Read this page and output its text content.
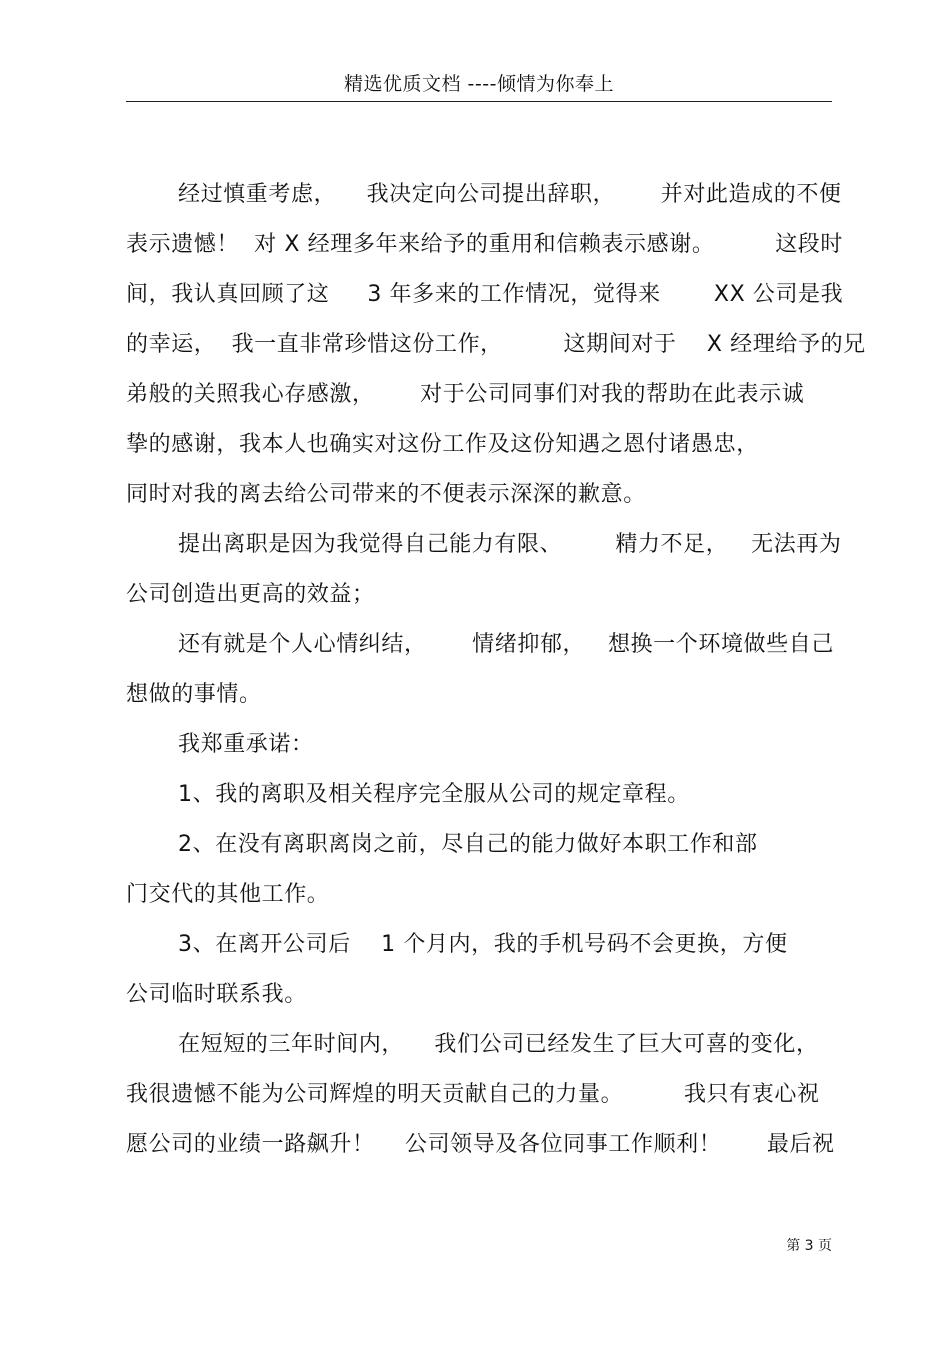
精选优质文档 ----倾情为你奉上
经过慎重考虑，    我决定向公司提出辞职，      并对此造成的不便
表示遗憾！  对 X 经理多年来给予的重用和信赖表示感谢。        这段时
间，我认真回顾了这     3 年多来的工作情况，觉得来       XX 公司是我
的幸运，  我一直非常珍惜这份工作，        这期间对于    X 经理给予的兄
弟般的关照我心存感激，      对于公司同事们对我的帮助在此表示诚
挚的感谢，我本人也确实对这份工作及这份知遇之恩付诸愚忠，
同时对我的离去给公司带来的不便表示深深的歉意。
提出离职是因为我觉得自己能力有限、       精力不足，   无法再为
公司创造出更高的效益；
还有就是个人心情纠结，      情绪抑郁，   想换一个环境做些自己
想做的事情。
我郑重承诺：
1、我的离职及相关程序完全服从公司的规定章程。
2、在没有离职离岗之前，尽自己的能力做好本职工作和部
门交代的其他工作。
3、在离开公司后    1 个月内，我的手机号码不会更换，方便
公司临时联系我。
在短短的三年时间内，    我们公司已经发生了巨大可喜的变化，
我很遗憾不能为公司辉煌的明天贡献自己的力量。        我只有衷心祝
愿公司的业绩一路飙升！    公司领导及各位同事工作顺利！      最后祝
第 3 页
